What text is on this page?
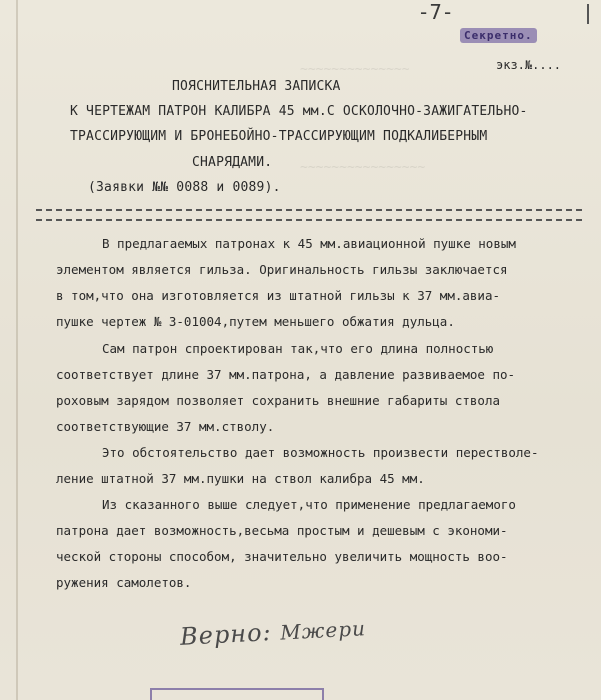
-7-
Секретно.
экз.№....
~~~~~~~~~~~~~~
~~~~~~~~~~~~~~~~
ПОЯСНИТЕЛЬНАЯ ЗАПИСКА
К ЧЕРТЕЖАМ ПАТРОН КАЛИБРА 45 мм.С ОСКОЛОЧНО-ЗАЖИГАТЕЛЬНО-
ТРАССИРУЮЩИМ И БРОНЕБОЙНО-ТРАССИРУЮЩИМ ПОДКАЛИБЕРНЫМ
СНАРЯДАМИ.
(Заявки №№ 0088 и 0089).
В предлагаемых патронах к 45 мм.авиационной пушке новым
элементом является гильза. Оригинальность гильзы заключается
в том,что она изготовляется из штатной гильзы к 37 мм.авиа-
пушке чертеж № 3-01004,путем меньшего обжатия дульца.
Сам патрон спроектирован так,что его длина полностью
соответствует длине 37 мм.патрона, а давление развиваемое по-
роховым зарядом позволяет сохранить внешние габариты ствола
соответствующие 37 мм.стволу.
Это обстоятельство дает возможность произвести перестволе-
ление штатной 37 мм.пушки на ствол калибра 45 мм.
Из сказанного выше следует,что применение предлагаемого
патрона дает возможность,весьма простым и дешевым с экономи-
ческой стороны способом, значительно увеличить мощность воо-
ружения самолетов.
Верно: Мжери
